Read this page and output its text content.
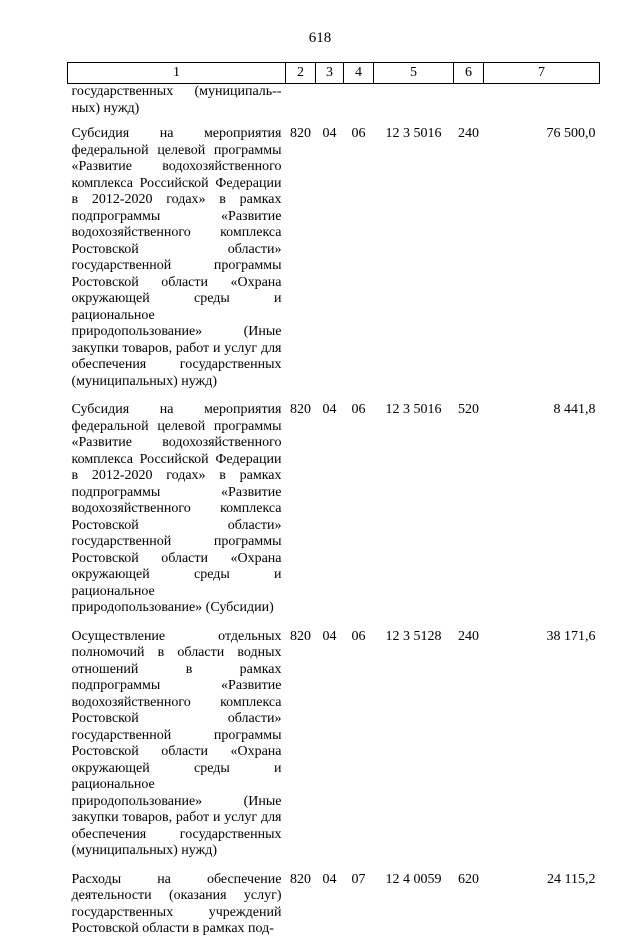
618
1	2	3	4	5	6	7
государственных (муниципаль-ных) нужд)						
Субсидия на мероприятия федеральной целевой программы «Развитие водохозяйственного комплекса Российской Федерации в 2012-2020 годах» в рамках подпрограммы «Развитие водохозяйственного комплекса Ростовской области» государственной программы Ростовской области «Охрана окружающей среды и рациональное природопользование» (Иные закупки товаров, работ и услуг для обеспечения государственных (муниципальных) нужд)	820	04	06	12 3 5016	240	76 500,0
Субсидия на мероприятия федеральной целевой программы «Развитие водохозяйственного комплекса Российской Федерации в 2012-2020 годах» в рамках подпрограммы «Развитие водохозяйственного комплекса Ростовской области» государственной программы Ростовской области «Охрана окружающей среды и рациональное природопользование» (Субсидии)	820	04	06	12 3 5016	520	8 441,8
Осуществление отдельных полномочий в области водных отношений в рамках подпрограммы «Развитие водохозяйственного комплекса Ростовской области» государственной программы Ростовской области «Охрана окружающей среды и рациональное природопользование» (Иные закупки товаров, работ и услуг для обеспечения государственных (муниципальных) нужд)	820	04	06	12 3 5128	240	38 171,6
Расходы на обеспечение деятельности (оказания услуг) государственных учреждений Ростовской области в рамках под-	820	04	07	12 4 0059	620	24 115,2
